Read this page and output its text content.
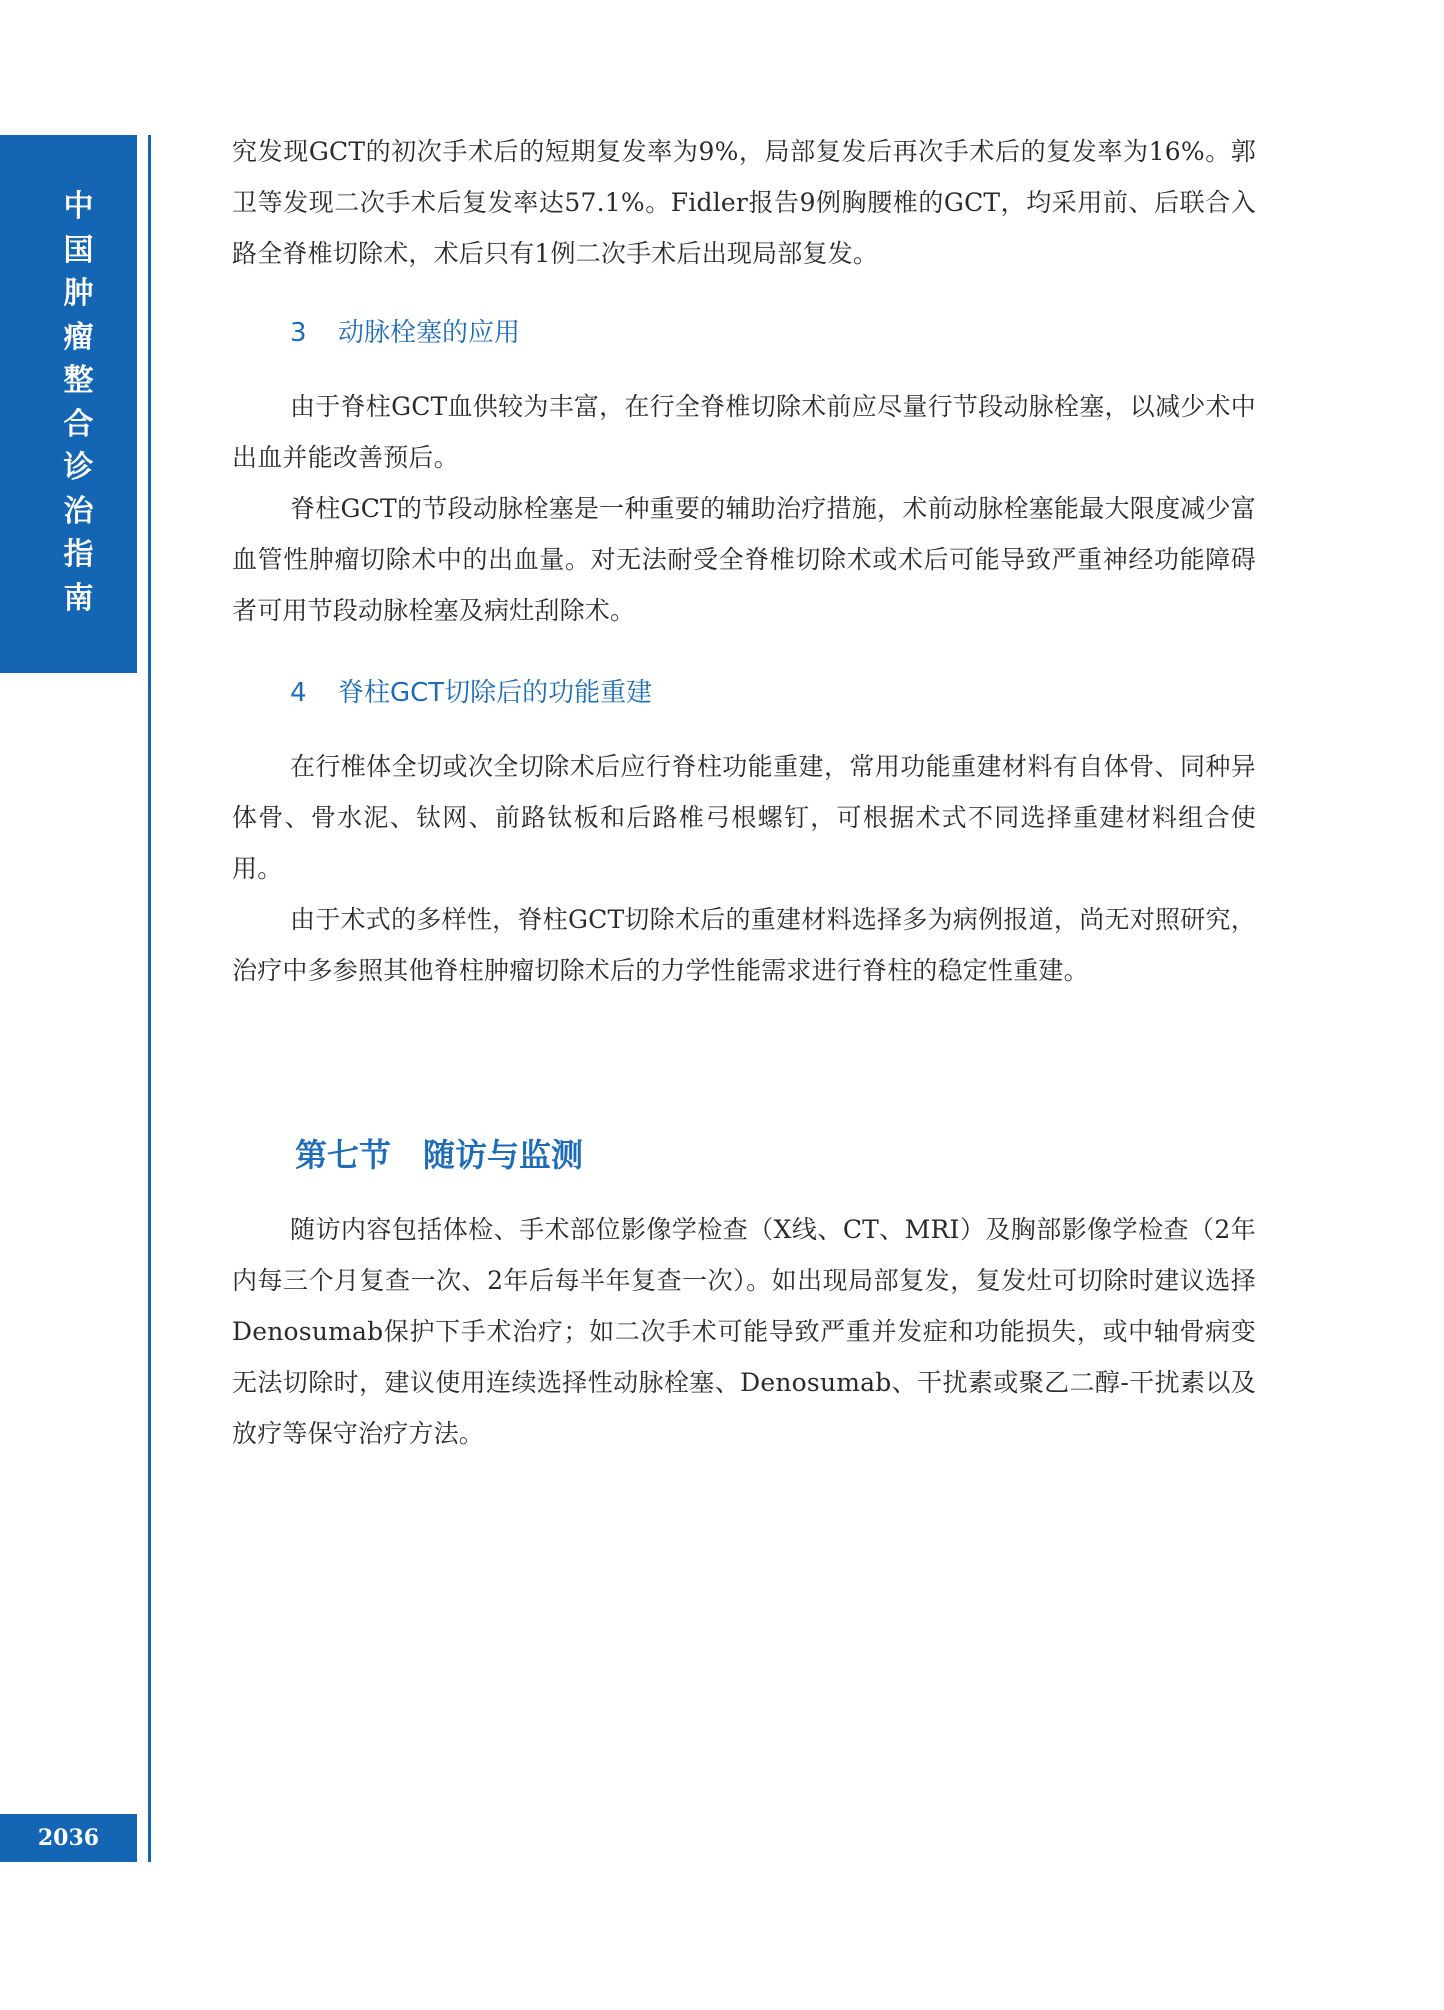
中
国
肿
瘤
整
合
诊
治
指
南
2036

究发现GCT的初次手术后的短期复发率为9%，局部复发后再次手术后的复发率为16%。郭卫等发现二次手术后复发率达57.1%。Fidler报告9例胸腰椎的GCT，均采用前、后联合入路全脊椎切除术，术后只有1例二次手术后出现局部复发。

3 动脉栓塞的应用

由于脊柱GCT血供较为丰富，在行全脊椎切除术前应尽量行节段动脉栓塞，以减少术中出血并能改善预后。

脊柱GCT的节段动脉栓塞是一种重要的辅助治疗措施，术前动脉栓塞能最大限度减少富血管性肿瘤切除术中的出血量。对无法耐受全脊椎切除术或术后可能导致严重神经功能障碍者可用节段动脉栓塞及病灶刮除术。

4 脊柱GCT切除后的功能重建

在行椎体全切或次全切除术后应行脊柱功能重建，常用功能重建材料有自体骨、同种异体骨、骨水泥、钛网、前路钛板和后路椎弓根螺钉，可根据术式不同选择重建材料组合使用。

由于术式的多样性，脊柱GCT切除术后的重建材料选择多为病例报道，尚无对照研究，治疗中多参照其他脊柱肿瘤切除术后的力学性能需求进行脊柱的稳定性重建。

第七节 随访与监测

随访内容包括体检、手术部位影像学检查（X线、CT、MRI）及胸部影像学检查（2年内每三个月复查一次、2年后每半年复查一次）。如出现局部复发，复发灶可切除时建议选择Denosumab保护下手术治疗；如二次手术可能导致严重并发症和功能损失，或中轴骨病变无法切除时，建议使用连续选择性动脉栓塞、Denosumab、干扰素或聚乙二醇-干扰素以及放疗等保守治疗方法。
